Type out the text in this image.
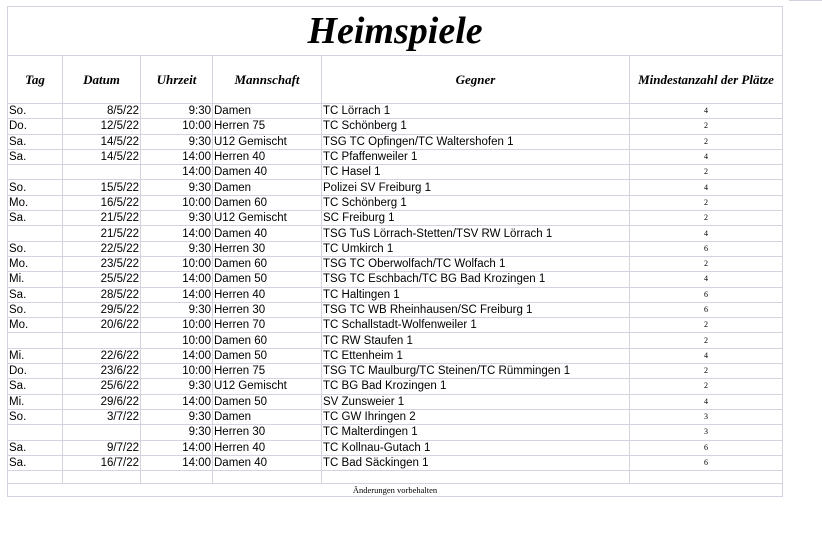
Heimspiele					
Tag	Datum	Uhrzeit	Mannschaft	Gegner	Mindestanzahl der Plätze
So.	8/5/22	9:30	Damen	TC Lörrach 1	4
Do.	12/5/22	10:00	Herren 75	TC Schönberg 1	2
Sa.	14/5/22	9:30	U12 Gemischt	TSG TC Opfingen/TC Waltershofen 1	2
Sa.	14/5/22	14:00	Herren 40	TC Pfaffenweiler 1	4
		14:00	Damen 40	TC Hasel 1	2
So.	15/5/22	9:30	Damen	Polizei SV Freiburg 1	4
Mo.	16/5/22	10:00	Damen 60	TC Schönberg 1	2
Sa.	21/5/22	9:30	U12 Gemischt	SC Freiburg 1	2
	21/5/22	14:00	Damen 40	TSG TuS Lörrach-Stetten/TSV RW Lörrach 1	4
So.	22/5/22	9:30	Herren 30	TC Umkirch 1	6
Mo.	23/5/22	10:00	Damen 60	TSG TC Oberwolfach/TC Wolfach 1	2
Mi.	25/5/22	14:00	Damen 50	TSG TC Eschbach/TC BG Bad Krozingen 1	4
Sa.	28/5/22	14:00	Herren 40	TC Haltingen 1	6
So.	29/5/22	9:30	Herren 30	TSG TC WB Rheinhausen/SC Freiburg 1	6
Mo.	20/6/22	10:00	Herren 70	TC Schallstadt-Wolfenweiler 1	2
		10:00	Damen 60	TC RW Staufen 1	2
Mi.	22/6/22	14:00	Damen 50	TC Ettenheim 1	4
Do.	23/6/22	10:00	Herren 75	TSG TC Maulburg/TC Steinen/TC Rümmingen 1	2
Sa.	25/6/22	9:30	U12 Gemischt	TC BG Bad Krozingen 1	2
Mi.	29/6/22	14:00	Damen 50	SV Zunsweier 1	4
So.	3/7/22	9:30	Damen	TC GW Ihringen 2	3
		9:30	Herren 30	TC Malterdingen 1	3
Sa.	9/7/22	14:00	Herren 40	TC Kollnau-Gutach 1	6
Sa.	16/7/22	14:00	Damen 40	TC Bad Säckingen 1	6

Änderungen vorbehalten					
